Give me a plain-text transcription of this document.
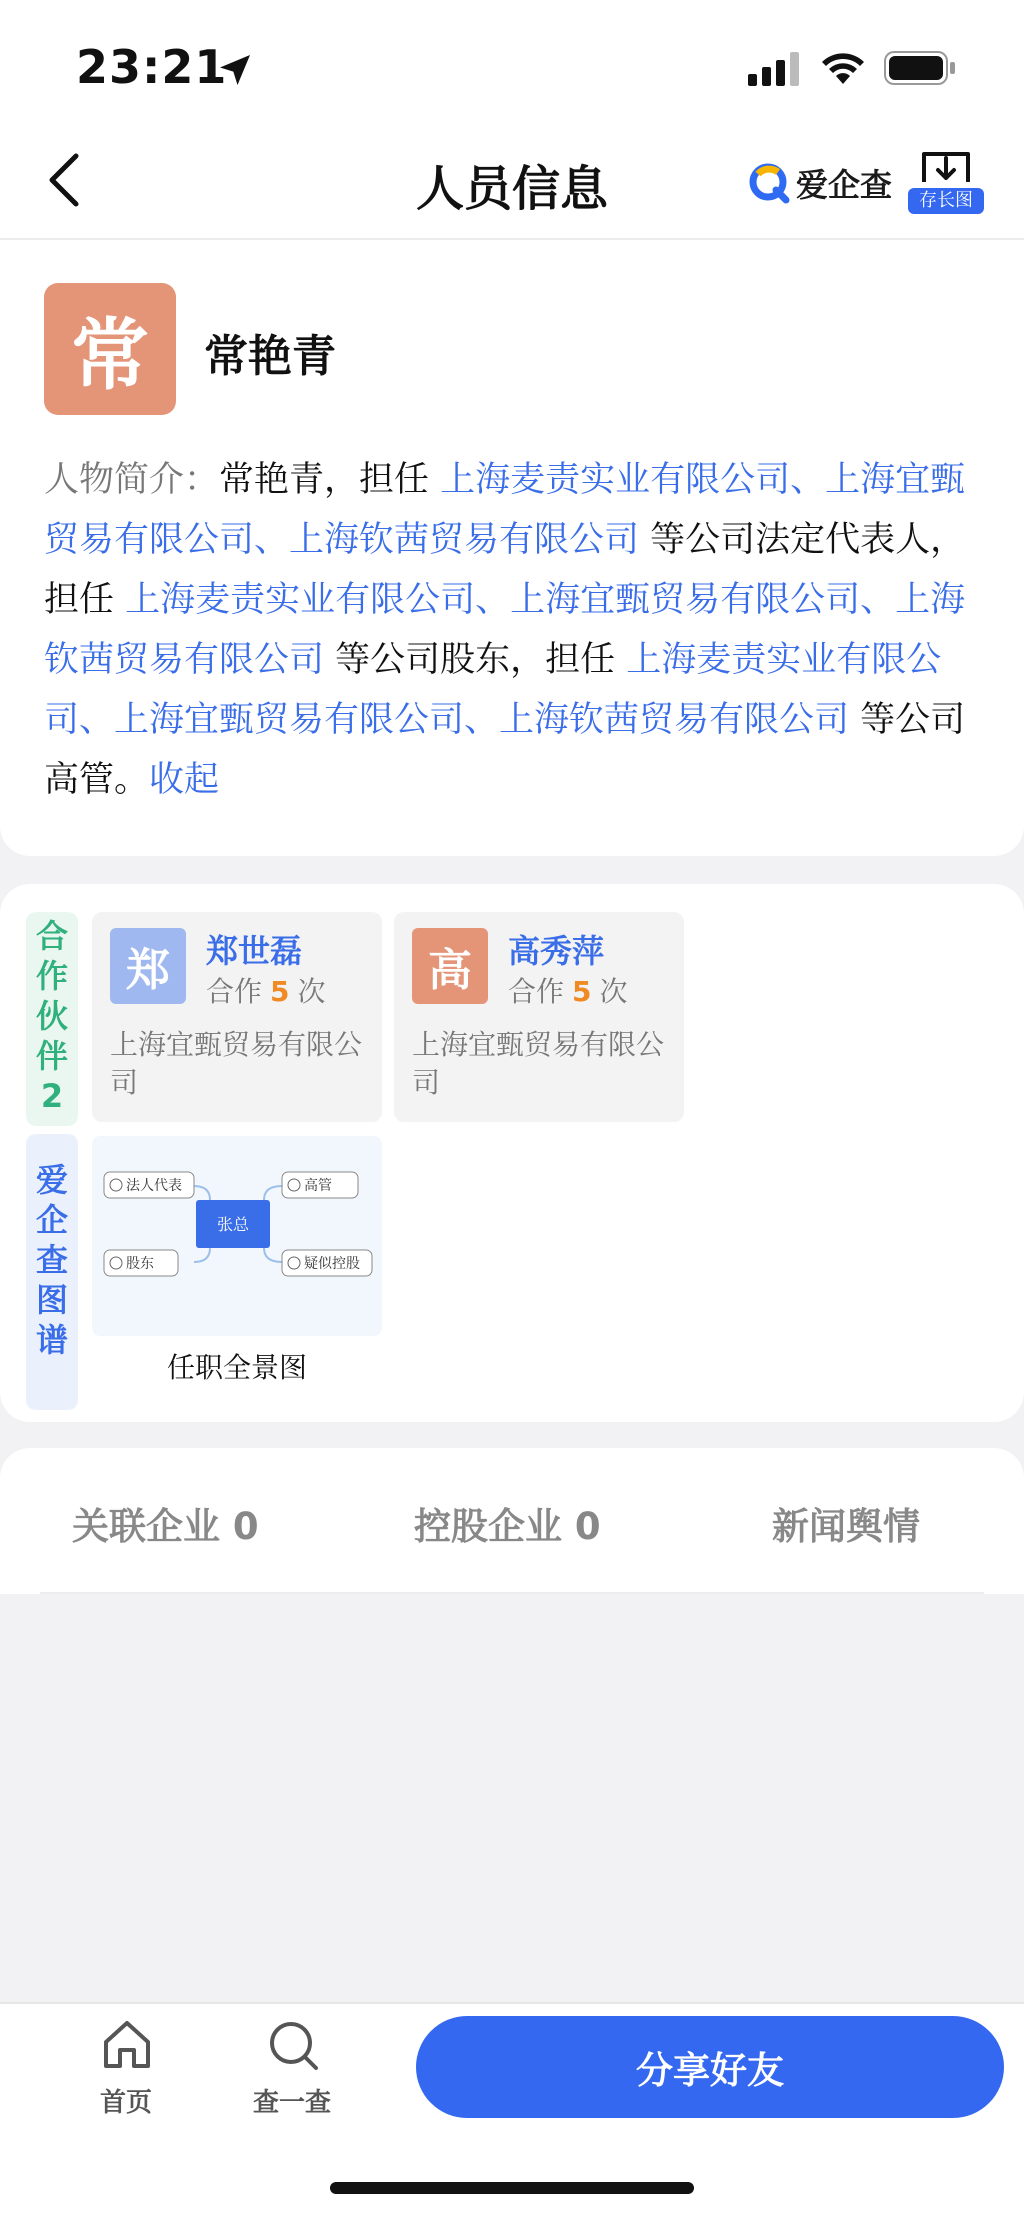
23:21
人员信息	爱企查	存长图
常	常艳青
人物简介：常艳青，担任 上海麦责实业有限公司、上海宜甄贸易有限公司、上海钦茜贸易有限公司 等公司法定代表人，担任 上海麦责实业有限公司、上海宜甄贸易有限公司、上海钦茜贸易有限公司 等公司股东，担任 上海麦责实业有限公司、上海宜甄贸易有限公司、上海钦茜贸易有限公司 等公司高管。收起
合
作
伙
伴
2
爱
企
查
图
谱
郑	郑世磊
合作 5 次
上海宜甄贸易有限公司
高	高秀萍
合作 5 次
上海宜甄贸易有限公司
张总
法人代表	高管
股东	疑似控股
任职全景图
关联企业 0	控股企业 0	新闻舆情
首页	查一查
分享好友
